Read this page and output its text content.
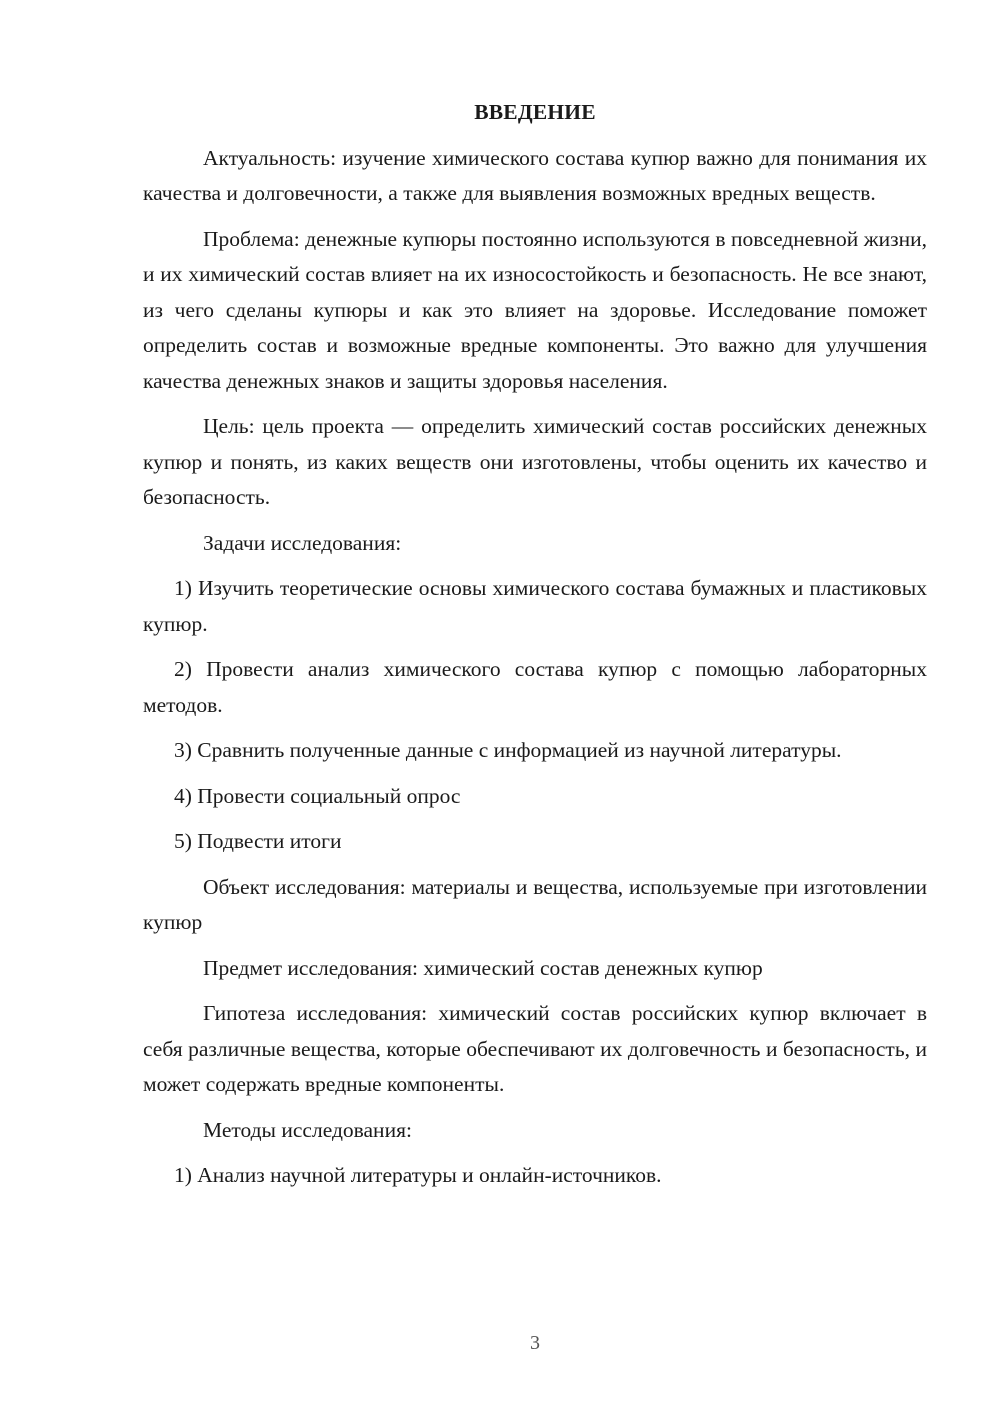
ВВЕДЕНИЕ

Актуальность: изучение химического состава купюр важно для понимания их качества и долговечности, а также для выявления возможных вредных веществ.

Проблема: денежные купюры постоянно используются в повседневной жизни, и их химический состав влияет на их износостойкость и безопасность. Не все знают, из чего сделаны купюры и как это влияет на здоровье. Исследование поможет определить состав и возможные вредные компоненты. Это важно для улучшения качества денежных знаков и защиты здоровья населения.

Цель: цель проекта — определить химический состав российских денежных купюр и понять, из каких веществ они изготовлены, чтобы оценить их качество и безопасность.

Задачи исследования:

1) Изучить теоретические основы химического состава бумажных и пластиковых купюр.

2) Провести анализ химического состава купюр с помощью лабораторных методов.

3) Сравнить полученные данные с информацией из научной литературы.

4) Провести социальный опрос

5) Подвести итоги

Объект исследования: материалы и вещества, используемые при изготовлении купюр

Предмет исследования: химический состав денежных купюр

Гипотеза исследования: химический состав российских купюр включает в себя различные вещества, которые обеспечивают их долговечность и безопасность, и может содержать вредные компоненты.

Методы исследования:

1) Анализ научной литературы и онлайн-источников.

3
